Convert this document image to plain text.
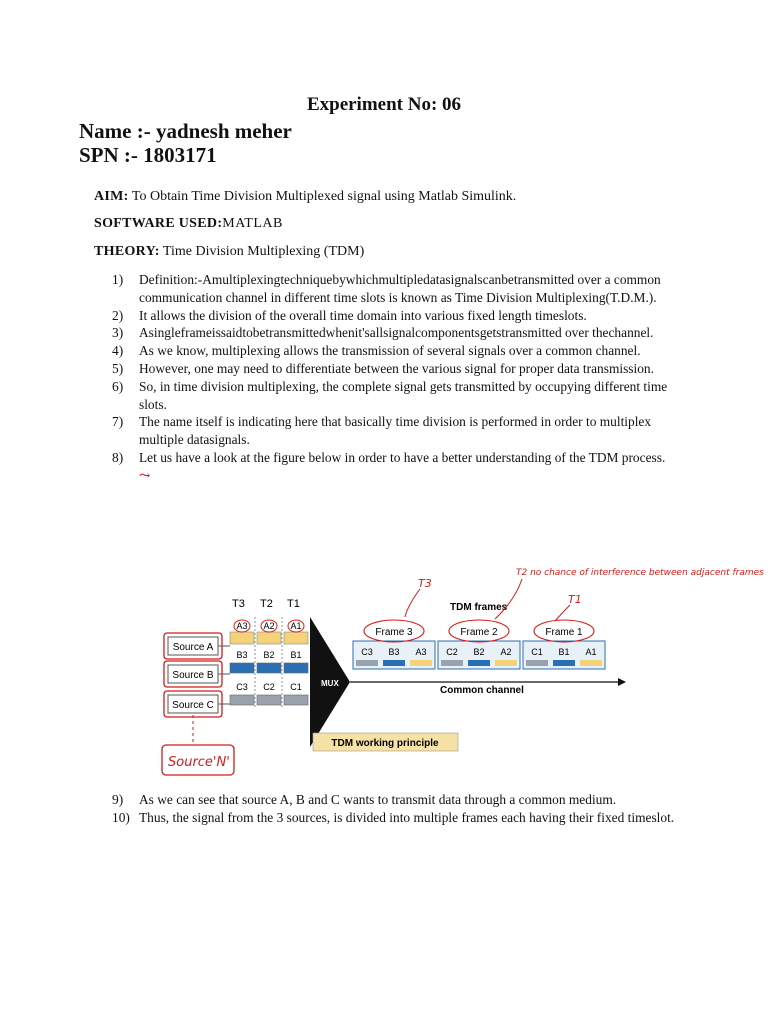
Experiment No: 06
Name :- yadnesh meher
SPN :- 1803171
AIM: To Obtain Time Division Multiplexed signal using Matlab Simulink.
SOFTWARE USED:MATLAB
THEORY: Time Division Multiplexing (TDM)
1)	Definition:-Amultiplexingtechniquebywhichmultipledatasignalscanbetransmitted over a common communication channel in different time slots is known as Time Division Multiplexing(T.D.M.).
2)	It allows the division of the overall time domain into various fixed length timeslots.
3)	Asingleframeissaidtobetransmittedwhenit'sallsignalcomponentsgetstransmitted over thechannel.
4)	As we know, multiplexing allows the transmission of several signals over a common channel.
5)	However, one may need to differentiate between the various signal for proper data transmission.
6)	So, in time division multiplexing, the complete signal gets transmitted by occupying different time slots.
7)	The name itself is indicating here that basically time division is performed in order to multiplex multiple datasignals.
8)	Let us have a look at the figure below in order to have a better understanding of the TDM process. ⤳
T3 T2 T1
Source A
Source B
Source C
A3 A2 A1
B3 B2 B1
C3 C2 C1 MUX
Common channel
TDM frames
Frame 3	Frame 2	Frame 1
C3 B3 A3 C2 B2 A2 C1 B1 A1
TDM working principle
T3
T2 no chance of interference between adjacent frames
T1
Source'N'
9)	As we can see that source A, B and C wants to transmit data through a common medium.
10) Thus, the signal from the 3 sources, is divided into multiple frames each having their fixed timeslot.
